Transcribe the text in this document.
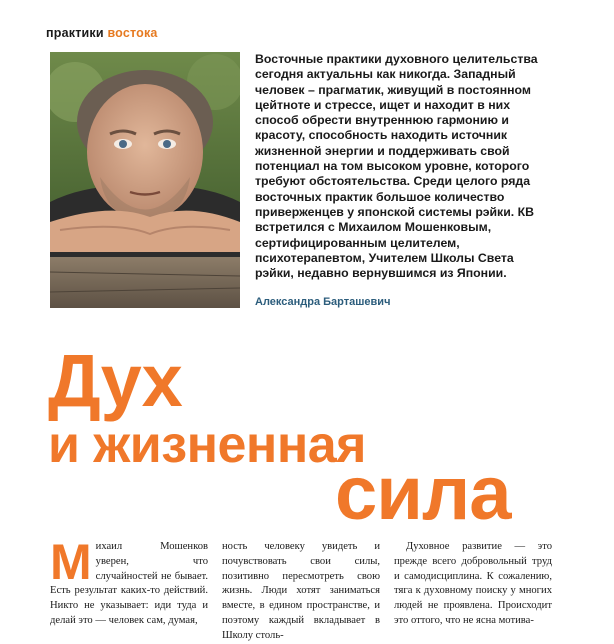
практики востока

Восточные практики духовного целительства сегодня актуальны как никогда. Западный человек – прагматик, живущий в постоянном цейтноте и стрессе, ищет и находит в них способ обрести внутреннюю гармонию и красоту, способность находить источник жизненной энергии и поддерживать свой потенциал на том высоком уровне, которого требуют обстоятельства. Среди целого ряда восточных практик большое количество приверженцев у японской системы рэйки. КВ встретился с Михаилом Мошенковым, сертифицированным целителем, психотерапевтом, Учителем Школы Света рэйки, недавно вернувшимся из Японии.

Александра Барташевич
Дух
и жизненная
сила
М ихаил Мошенков уверен, что случайностей не бывает. Есть результат каких-то действий. Никто не указывает: иди туда и делай это — человек сам, думая,
ность человеку увидеть и почувствовать свои силы, позитивно пересмотреть свою жизнь. Люди хотят заниматься вместе, в едином пространстве, и поэтому каждый вкладывает в Школу столь-
Духовное развитие — это прежде всего добровольный труд и самодисциплина. К сожалению, тяга к духовному поиску у многих людей не проявлена. Происходит это оттого, что не ясна мотива-
